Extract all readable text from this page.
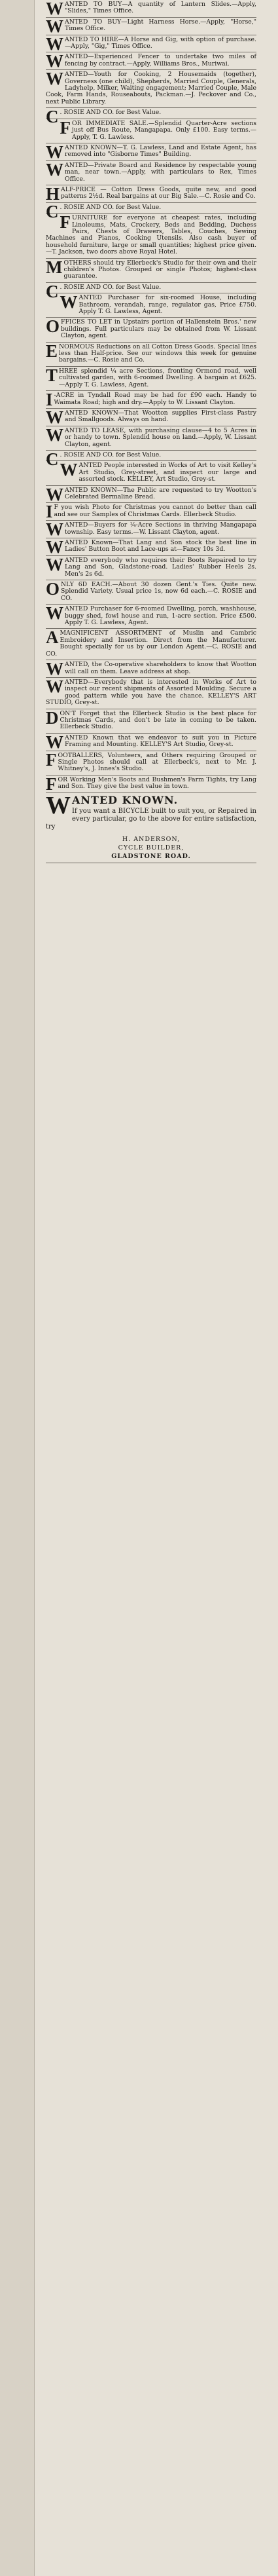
WANTED TO BUY—A quantity of Lantern Slides.—Apply, "Slides," Times Office.

WANTED TO BUY—Light Harness Horse.—Apply, "Horse," Times Office.

WANTED TO HIRE—A Horse and Gig, with option of purchase.—Apply, "Gig," Times Office.

WANTED—Experienced Fencer to undertake two miles of fencing by contract.—Apply, Williams Bros., Muriwai.

WANTED—Youth for Cooking, 2 Housemaids (together), Governess (one child), Shepherds, Married Couple, Generals, Ladyhelp, Milker, Waiting engagement; Married Couple, Male Cook, Farm Hands, Rouseabouts, Packman.—J. Peckover and Co., next Public Library.

C . ROSIE AND CO. for Best Value.

FOR IMMEDIATE SALE.—Splendid Quarter-Acre sections just off Bus Route, Mangapapa. Only £100. Easy terms.—Apply, T. G. Lawless.

WANTED KNOWN—T. G. Lawless, Land and Estate Agent, has removed into "Gisborne Times" Building.

WANTED—Private Board and Residence by respectable young man, near town.—Apply, with particulars to Rex, Times Office.

HALF-PRICE — Cotton Dress Goods, quite new, and good patterns 2½d. Real bargains at our Big Sale.—C. Rosie and Co.

C . ROSIE AND CO. for Best Value.

FURNITURE for everyone at cheapest rates, including Linoleums, Mats, Crockery, Beds and Bedding, Duchess Pairs, Chests of Drawers, Tables, Couches, Sewing Machines and Pianos, Cooking Utensils. Also cash buyer of household furniture, large or small quantities; highest price given.—T. Jackson, two doors above Royal Hotel.

MOTHERS should try Ellerbeck's Studio for their own and their children's Photos. Grouped or single Photos; highest-class guarantee.

C . ROSIE AND CO. for Best Value.

WANTED Purchaser for six-roomed House, including Bathroom, verandah, range, regulator gas, Price £750. Apply T. G. Lawless, Agent.

OFFICES TO LET in Upstairs portion of Hallenstein Bros.' new buildings. Full particulars may be obtained from W. Lissant Clayton, agent.

ENORMOUS Reductions on all Cotton Dress Goods. Special lines less than Half-price. See our windows this week for genuine bargains.—C. Rosie and Co.

THREE splendid ¼ acre Sections, fronting Ormond road, well cultivated garden, with 6-roomed Dwelling. A bargain at £625.—Apply T. G. Lawless, Agent.

I -ACRE in Tyndall Road may be had for £90 each. Handy to Waimata Road; high and dry.—Apply to W. Lissant Clayton.

WANTED KNOWN—That Wootton supplies First-class Pastry and Smallgoods. Always on hand.

WANTED TO LEASE, with purchasing clause—4 to 5 Acres in or handy to town. Splendid house on land.—Apply, W. Lissant Clayton, agent.

C . ROSIE AND CO. for Best Value.

WANTED People interested in Works of Art to visit Kelley's Art Studio, Grey-street, and inspect our large and assorted stock. KELLEY, Art Studio, Grey-st.

WANTED KNOWN—The Public are requested to try Wootton's Celebrated Bermaline Bread.

I F you wish Photo for Christmas you cannot do better than call and see our Samples of Christmas Cards. Ellerbeck Studio.

WANTED—Buyers for ¼-Acre Sections in thriving Mangapapa township. Easy terms.—W. Lissant Clayton, agent.

WANTED Known—That Lang and Son stock the best line in Ladies' Button Boot and Lace-ups at—Fancy 10s 3d.

WANTED everybody who requires their Boots Repaired to try Lang and Son, Gladstone-road. Ladies' Rubber Heels 2s. Men's 2s 6d.

ONLY 6D EACH.—About 30 dozen Gent.'s Ties. Quite new. Splendid Variety. Usual price 1s, now 6d each.—C. ROSIE and CO.

WANTED Purchaser for 6-roomed Dwelling, porch, washhouse, buggy shed, fowl house and run, 1-acre section. Price £500. Apply T. G. Lawless, Agent.

A MAGNIFICENT ASSORTMENT of Muslin and Cambric Embroidery and Insertion. Direct from the Manufacturer. Bought specially for us by our London Agent.—C. ROSIE and CO.

WANTED, the Co-operative shareholders to know that Wootton will call on them. Leave address at shop.

WANTED—Everybody that is interested in Works of Art to inspect our recent shipments of Assorted Moulding. Secure a good pattern while you have the chance. KELLEY'S ART STUDIO, Grey-st.

DON'T Forget that the Ellerbeck Studio is the best place for Christmas Cards, and don't be late in coming to be taken. Ellerbeck Studio.

WANTED Known that we endeavor to suit you in Picture Framing and Mounting. KELLEY'S Art Studio, Grey-st.

FOOTBALLERS, Volunteers, and Others requiring Grouped or Single Photos should call at Ellerbeck's, next to Mr. J. Whitney's, J. Innes's Studio.

FOR Working Men's Boots and Bushmen's Farm Tights, try Lang and Son. They give the best value in town.

W ANTED KNOWN.

If you want a BICYCLE built to suit you, or Repaired in every particular, go to the above for entire satisfaction, try

H. ANDERSON,
CYCLE BUILDER,
GLADSTONE ROAD.
